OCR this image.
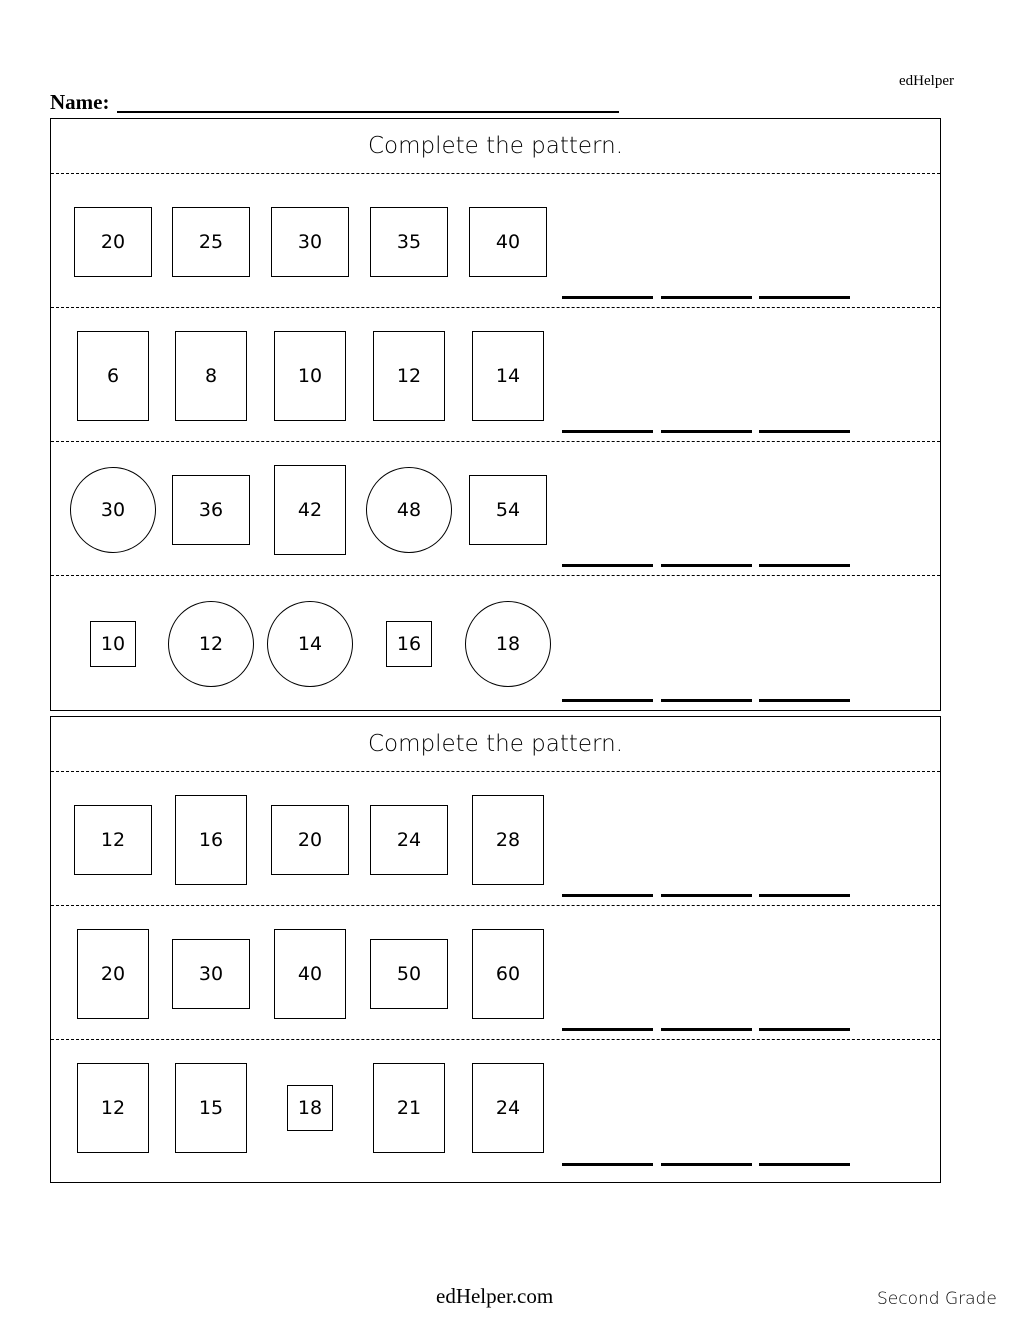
edHelper
Name:
Complete the pattern.
20	25	30	35	40
6	8	10	12	14
30	36	42	48	54
10	12	14	16	18
Complete the pattern.
12	16	20	24	28
20	30	40	50	60
12	15	18	21	24
edHelper.com	Second Grade
